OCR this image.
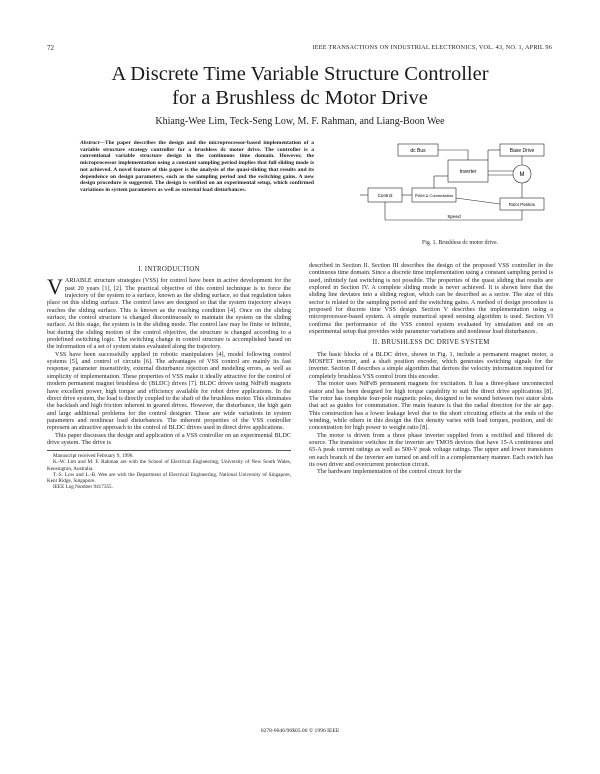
72	IEEE TRANSACTIONS ON INDUSTRIAL ELECTRONICS, VOL. 43, NO. 1, APRIL 96
A Discrete Time Variable Structure Controller
for a Brushless dc Motor Drive
Khiang-Wee Lim, Teck-Seng Low, M. F. Rahman, and Liang-Boon Wee
Abstract—The paper describes the design and the microprocessor-based implementation of a variable structure strategy controller for a brushless dc motor drive. The controller is a conventional variable structure design in the continuous time domain. However, the microprocessor implementation using a constant sampling period implies that full sliding mode is not achieved. A novel feature of this paper is the analysis of the quasi-sliding that results and its dependence on design parameters, such as the sampling period and the switching gains. A new design procedure is suggested. The design is verified on an experimental setup, which confirmed variations in system parameters as well as external load disturbances.
dc Bus
Inverter
Base Drive
PWM & Commutation
Control
M
Rotor Position
Speed
Fig. 1. Brushless dc motor drive.
I. INTRODUCTION

VARIABLE structure strategies (VSS) for control have been in active development for the past 20 years [1], [2]. The practical objective of this control technique is to force the trajectory of the system to a surface, known as the sliding surface, so that regulation takes place on this sliding surface. The control laws are designed so that the system trajectory always reaches the sliding surface. This is known as the reaching condition [4]. Once on the sliding surface, the control structure is changed discontinuously to maintain the system on the sliding surface. At this stage, the system is in the sliding mode. The control law may be finite or infinite, but during the sliding motion of the control objective, the structure is changed according to a predefined switching logic. The switching change in control structure is accomplished based on the information of a set of system states evaluated along the trajectory.

VSS have been successfully applied in robotic manipulators [4], model following control systems [5], and control of circuits [6]. The advantages of VSS control are mainly its fast response, parameter insensitivity, external disturbance rejection and modeling errors, as well as simplicity of implementation. These properties of VSS make it ideally attractive for the control of modern permanent magnet brushless dc (BLDC) drives [7]. BLDC drives using NdFeB magnets have excellent power, high torque and efficiency available for robot drive applications. In the direct drive system, the load is directly coupled to the shaft of the brushless motor. This eliminates the backlash and high friction inherent in geared drives. However, the disturbance, the high gain and large additional problems for the control designer. These are wide variations in system parameters and nonlinear load disturbances. The inherent properties of the VSS controller represent an attractive approach to the control of BLDC drives used in direct drive applications.

This paper discusses the design and application of a VSS controller on an experimental BLDC drive system. The drive is

Manuscript received February 9, 1996.
K.-W. Lim and M. F. Rahman are with the School of Electrical Engineering, University of New South Wales, Kensington, Australia.
T.-S. Low and L.-B. Wee are with the Department of Electrical Engineering, National University of Singapore, Kent Ridge, Singapore.
IEEE Log Number 9417355.

described in Section II. Section III describes the design of the proposed VSS controller in the continuous time domain. Since a discrete time implementation using a constant sampling period is used, infinitely fast switching is not possible. The properties of the quasi sliding that results are explored in Section IV. A complete sliding mode is never achieved. It is shown here that the sliding line deviates into a sliding region, which can be described as a sector. The size of this sector is related to the sampling period and the switching gains. A method of design procedure is proposed for discrete time VSS design. Section V describes the implementation using a microprocessor-based system. A simple numerical speed sensing algorithm is used. Section VI confirms the performance of the VSS control system evaluated by simulation and on an experimental setup that provides wide parameter variations and nonlinear load disturbances.

II. BRUSHLESS DC DRIVE SYSTEM

The basic blocks of a BLDC drive, shown in Fig. 1, include a permanent magnet motor, a MOSFET inverter, and a shaft position encoder, which generates switching signals for the inverter. Section II describes a simple algorithm that derives the velocity information required for completely brushless VSS control from this encoder.

The motor uses NdFeB permanent magnets for excitation. It has a three-phase unconnected stator and has been designed for high torque capability to suit the direct drive applications [8]. The rotor has complete four-pole magnetic poles, designed to be wound between two stator slots that act as guides for commutation. The main feature is that the radial direction for the air gap. This construction has a lower leakage level due to the short circuiting effects at the ends of the winding, while others in this design the flux density varies with load torques, position, and dc concentration for high power to weight ratio [8].

The motor is driven from a three phase inverter supplied from a rectified and filtered dc source. The transistor switches in the inverter are TMOS devices that have 15-A continuous and 65-A peak current ratings as well as 500-V peak voltage ratings. The upper and lower transistors on each branch of the inverter are turned on and off in a complementary manner. Each switch has its own driver and overcurrent protection circuit.

The hardware implementation of the control circuit for the

0278-0046/96$05.00 © 1996 IEEE
